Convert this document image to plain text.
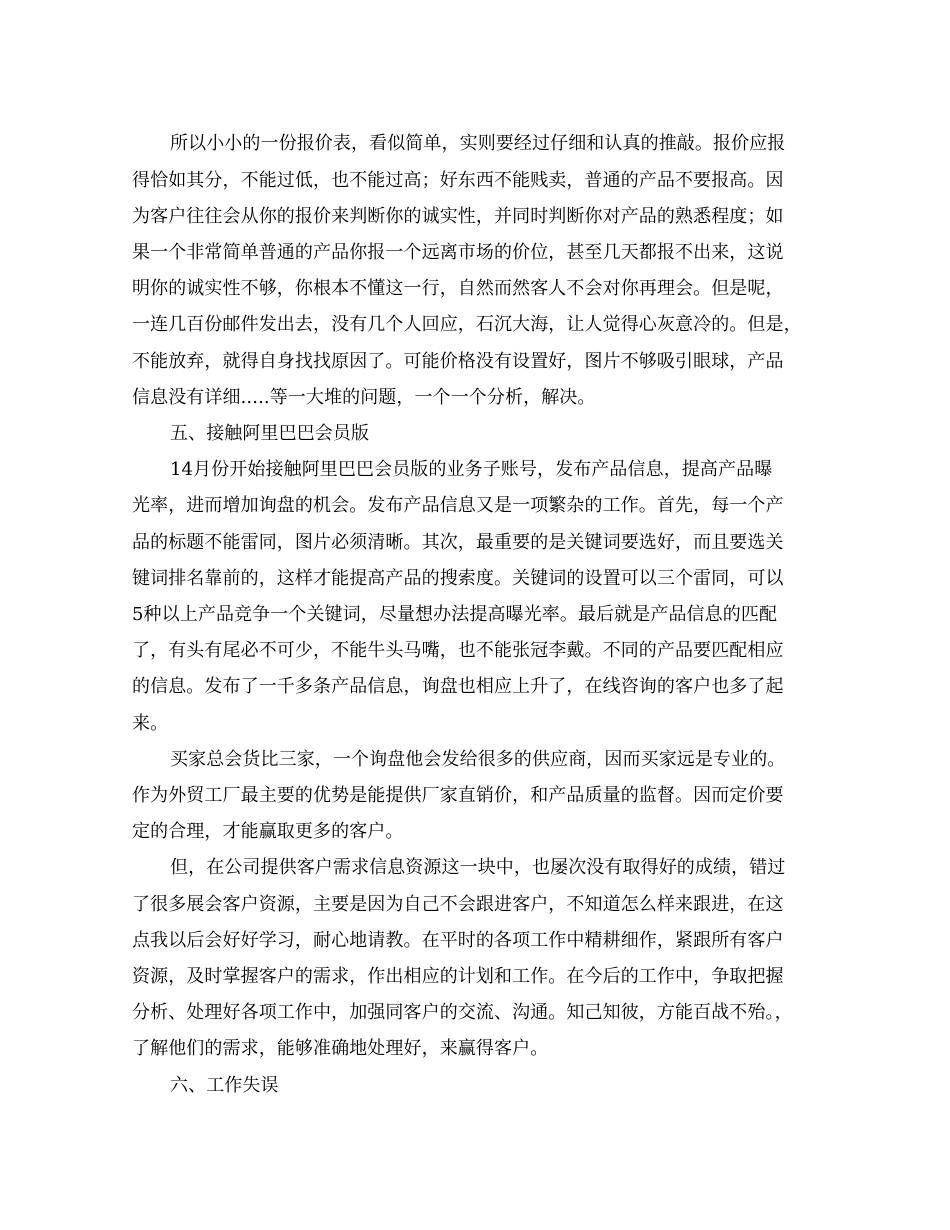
所以小小的一份报价表，看似简单，实则要经过仔细和认真的推敲。报价应报
得恰如其分，不能过低，也不能过高；好东西不能贱卖，普通的产品不要报高。因
为客户往往会从你的报价来判断你的诚实性，并同时判断你对产品的熟悉程度；如
果一个非常简单普通的产品你报一个远离市场的价位，甚至几天都报不出来，这说
明你的诚实性不够，你根本不懂这一行，自然而然客人不会对你再理会。但是呢，
一连几百份邮件发出去，没有几个人回应，石沉大海，让人觉得心灰意冷的。但是，
不能放弃，就得自身找找原因了。可能价格没有设置好，图片不够吸引眼球，产品
信息没有详细.....等一大堆的问题，一个一个分析，解决。
五、接触阿里巴巴会员版
14月份开始接触阿里巴巴会员版的业务子账号，发布产品信息，提高产品曝
光率，进而增加询盘的机会。发布产品信息又是一项繁杂的工作。首先，每一个产
品的标题不能雷同，图片必须清晰。其次，最重要的是关键词要选好，而且要选关
键词排名靠前的，这样才能提高产品的搜索度。关键词的设置可以三个雷同，可以
5种以上产品竞争一个关键词，尽量想办法提高曝光率。最后就是产品信息的匹配
了，有头有尾必不可少，不能牛头马嘴，也不能张冠李戴。不同的产品要匹配相应
的信息。发布了一千多条产品信息，询盘也相应上升了，在线咨询的客户也多了起
来。
买家总会货比三家，一个询盘他会发给很多的供应商，因而买家远是专业的。
作为外贸工厂最主要的优势是能提供厂家直销价，和产品质量的监督。因而定价要
定的合理，才能赢取更多的客户。
但，在公司提供客户需求信息资源这一块中，也屡次没有取得好的成绩，错过
了很多展会客户资源，主要是因为自己不会跟进客户，不知道怎么样来跟进，在这
点我以后会好好学习，耐心地请教。在平时的各项工作中精耕细作，紧跟所有客户
资源，及时掌握客户的需求，作出相应的计划和工作。在今后的工作中，争取把握
分析、处理好各项工作中，加强同客户的交流、沟通。知己知彼，方能百战不殆。，
了解他们的需求，能够准确地处理好，来赢得客户。
六、工作失误
